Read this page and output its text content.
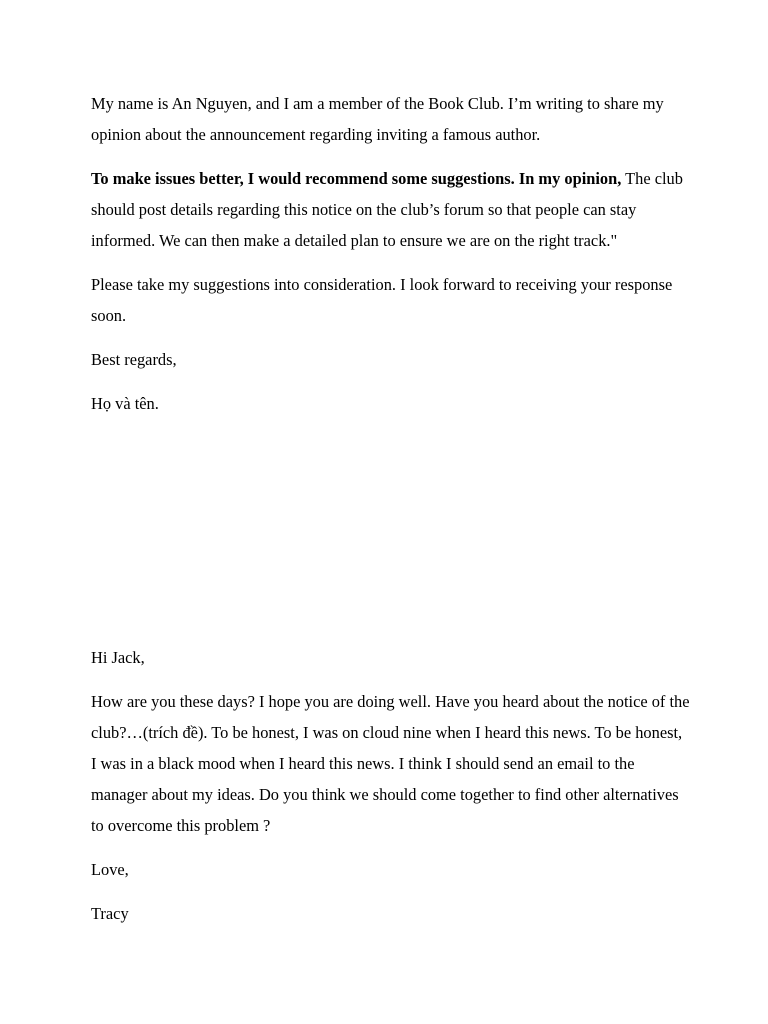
My name is An Nguyen, and I am a member of the Book Club. I’m writing to share my opinion about the announcement regarding inviting a famous author.

To make issues better, I would recommend some suggestions. In my opinion, The club should post details regarding this notice on the club’s forum so that people can stay informed. We can then make a detailed plan to ensure we are on the right track."

Please take my suggestions into consideration. I look forward to receiving your response soon.

Best regards,

Họ và tên.

Hi Jack,

How are you these days? I hope you are doing well. Have you heard about the notice of the club?…(trích đề). To be honest, I was on cloud nine when I heard this news. To be honest, I was in a black mood when I heard this news. I think I should send an email to the manager about my ideas. Do you think we should come together to find other alternatives to overcome this problem ?

Love,

Tracy
